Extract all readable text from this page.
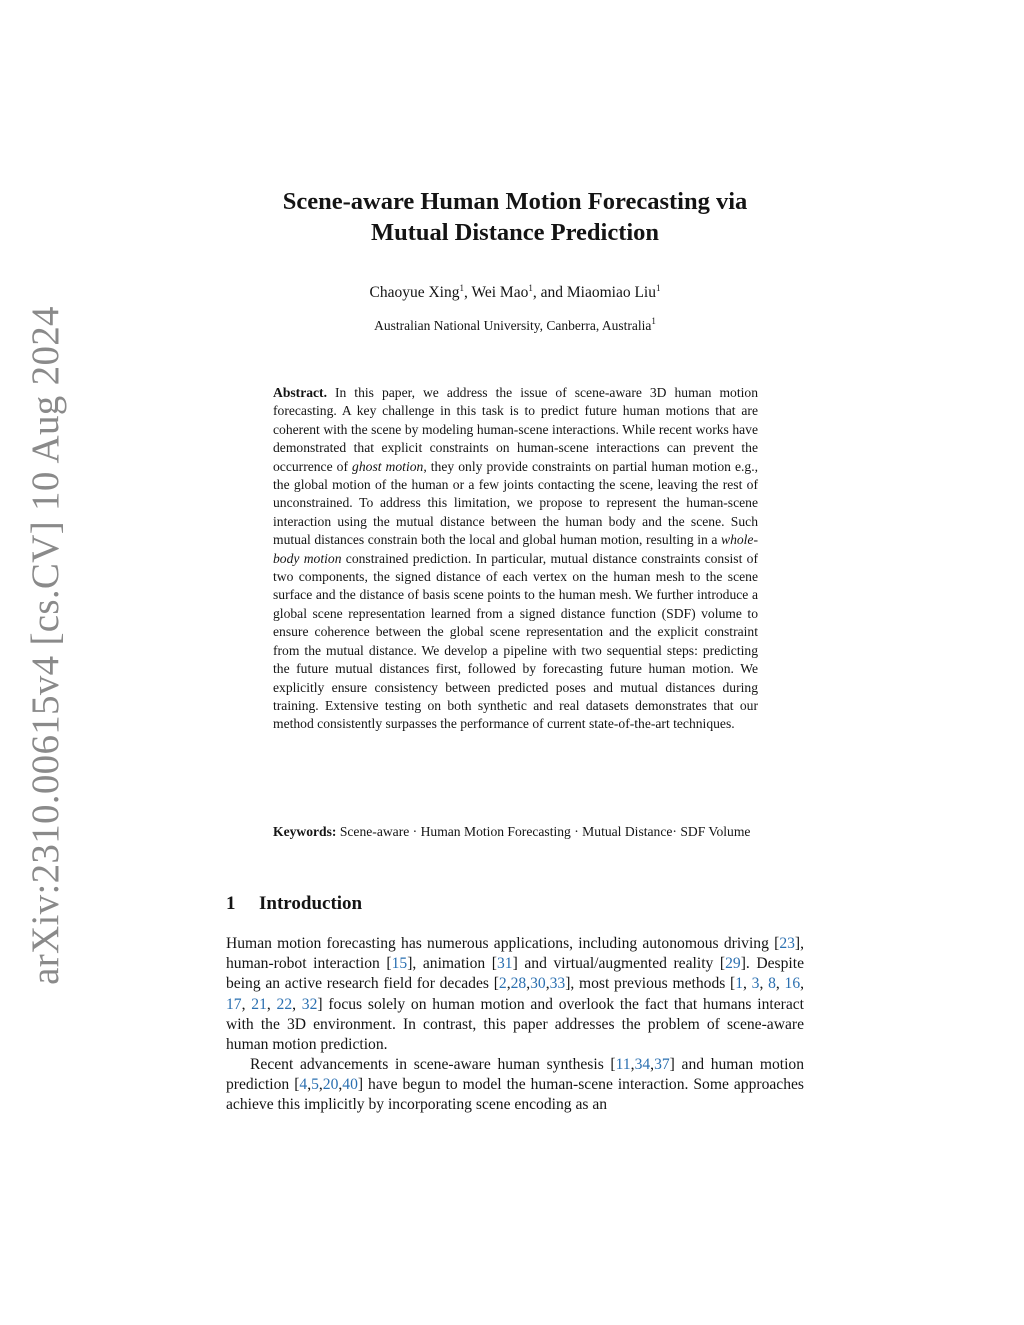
arXiv:2310.00615v4 [cs.CV] 10 Aug 2024
Scene-aware Human Motion Forecasting via
Mutual Distance Prediction
Chaoyue Xing$^1$, Wei Mao$^1$, and Miaomiao Liu$^1$
Australian National University, Canberra, Australia$^1$

Abstract. In this paper, we address the issue of scene-aware 3D human motion forecasting. A key challenge in this task is to predict future human motions that are coherent with the scene by modeling human-scene interactions. While recent works have demonstrated that explicit constraints on human-scene interactions can prevent the occurrence of ghost motion, they only provide constraints on partial human motion e.g., the global motion of the human or a few joints contacting the scene, leaving the rest of unconstrained. To address this limitation, we propose to represent the human-scene interaction using the mutual distance between the human body and the scene. Such mutual distances constrain both the local and global human motion, resulting in a whole-body motion constrained prediction. In particular, mutual distance constraints consist of two components, the signed distance of each vertex on the human mesh to the scene surface and the distance of basis scene points to the human mesh. We further introduce a global scene representation learned from a signed distance function (SDF) volume to ensure coherence between the global scene representation and the explicit constraint from the mutual distance. We develop a pipeline with two sequential steps: predicting the future mutual distances first, followed by forecasting future human motion. We explicitly ensure consistency between predicted poses and mutual distances during training. Extensive testing on both synthetic and real datasets demonstrates that our method consistently surpasses the performance of current state-of-the-art techniques.

Keywords: Scene-aware · Human Motion Forecasting · Mutual Distance· SDF Volume

1 Introduction

Human motion forecasting has numerous applications, including autonomous driving [23], human-robot interaction [15], animation [31] and virtual/augmented reality [29]. Despite being an active research field for decades [2,28,30,33], most previous methods [1, 3, 8, 16, 17, 21, 22, 32] focus solely on human motion and overlook the fact that humans interact with the 3D environment. In contrast, this paper addresses the problem of scene-aware human motion prediction.

Recent advancements in scene-aware human synthesis [11,34,37] and human motion prediction [4,5,20,40] have begun to model the human-scene interaction. Some approaches achieve this implicitly by incorporating scene encoding as an
